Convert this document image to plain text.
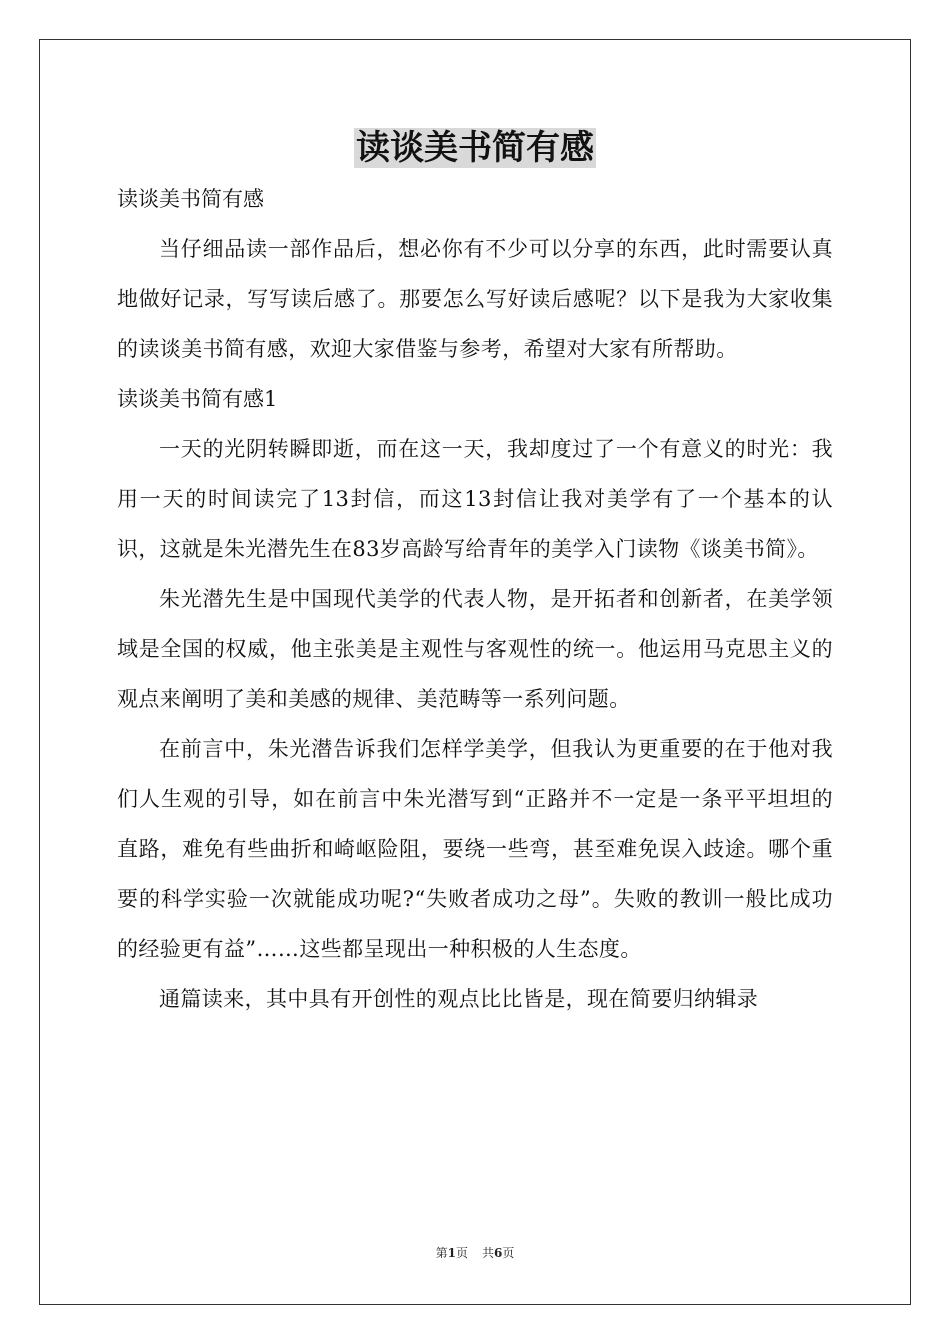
读谈美书简有感

读谈美书简有感

当仔细品读一部作品后，想必你有不少可以分享的东西，此时需要认真地做好记录，写写读后感了。那要怎么写好读后感呢？以下是我为大家收集的读谈美书简有感，欢迎大家借鉴与参考，希望对大家有所帮助。

读谈美书简有感1

一天的光阴转瞬即逝，而在这一天，我却度过了一个有意义的时光：我用一天的时间读完了13封信，而这13封信让我对美学有了一个基本的认识，这就是朱光潜先生在83岁高龄写给青年的美学入门读物《谈美书简》。

朱光潜先生是中国现代美学的代表人物，是开拓者和创新者，在美学领域是全国的权威，他主张美是主观性与客观性的统一。他运用马克思主义的观点来阐明了美和美感的规律、美范畴等一系列问题。

在前言中，朱光潜告诉我们怎样学美学，但我认为更重要的在于他对我们人生观的引导，如在前言中朱光潜写到“正路并不一定是一条平平坦坦的直路，难免有些曲折和崎岖险阻，要绕一些弯，甚至难免误入歧途。哪个重要的科学实验一次就能成功呢?“失败者成功之母”。失败的教训一般比成功的经验更有益”……这些都呈现出一种积极的人生态度。

通篇读来，其中具有开创性的观点比比皆是，现在简要归纳辑录

第1页 共6页
